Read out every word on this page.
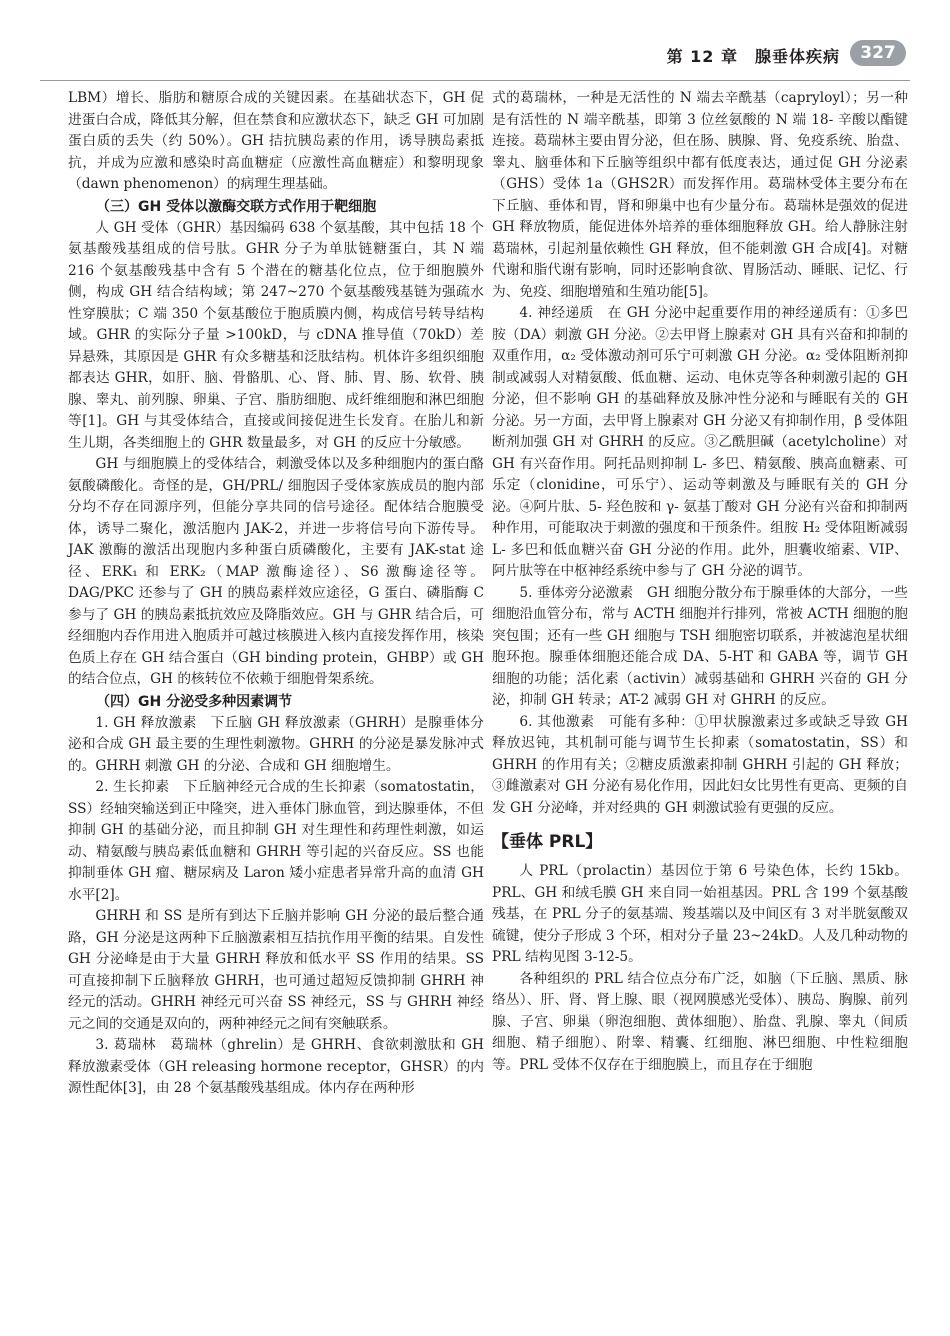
第 12 章　腺垂体疾病	327

LBM）增长、脂肪和糖原合成的关键因素。在基础状态下，GH 促进蛋白合成，降低其分解，但在禁食和应激状态下，缺乏 GH 可加剧蛋白质的丢失（约 50%）。GH 拮抗胰岛素的作用，诱导胰岛素抵抗，并成为应激和感染时高血糖症（应激性高血糖症）和黎明现象（dawn phenomenon）的病理生理基础。

（三）GH 受体以激酶交联方式作用于靶细胞

人 GH 受体（GHR）基因编码 638 个氨基酸，其中包括 18 个氨基酸残基组成的信号肽。GHR 分子为单肽链糖蛋白，其 N 端 216 个氨基酸残基中含有 5 个潜在的糖基化位点，位于细胞膜外侧，构成 GH 结合结构域；第 247~270 个氨基酸残基链为强疏水性穿膜肽；C 端 350 个氨基酸位于胞质膜内侧，构成信号转导结构域。GHR 的实际分子量 >100kD，与 cDNA 推导值（70kD）差异悬殊，其原因是 GHR 有众多糖基和泛肽结构。机体许多组织细胞都表达 GHR，如肝、脑、骨骼肌、心、肾、肺、胃、肠、软骨、胰腺、睾丸、前列腺、卵巢、子宫、脂肪细胞、成纤维细胞和淋巴细胞等[1]。GH 与其受体结合，直接或间接促进生长发育。在胎儿和新生儿期，各类细胞上的 GHR 数量最多，对 GH 的反应十分敏感。

GH 与细胞膜上的受体结合，刺激受体以及多种细胞内的蛋白酪氨酸磷酸化。奇怪的是，GH/PRL/ 细胞因子受体家族成员的胞内部分均不存在同源序列，但能分享共同的信号途径。配体结合胞膜受体，诱导二聚化，激活胞内 JAK-2，并进一步将信号向下游传导。JAK 激酶的激活出现胞内多种蛋白质磷酸化，主要有 JAK-stat 途径、ERK₁ 和 ERK₂（MAP 激酶途径）、S6 激酶途径等。DAG/PKC 还参与了 GH 的胰岛素样效应途径，G 蛋白、磷脂酶 C 参与了 GH 的胰岛素抵抗效应及降脂效应。GH 与 GHR 结合后，可经细胞内吞作用进入胞质并可越过核膜进入核内直接发挥作用，核染色质上存在 GH 结合蛋白（GH binding protein，GHBP）或 GH 的结合位点，GH 的核转位不依赖于细胞骨架系统。

（四）GH 分泌受多种因素调节

1. GH 释放激素　下丘脑 GH 释放激素（GHRH）是腺垂体分泌和合成 GH 最主要的生理性刺激物。GHRH 的分泌是暴发脉冲式的。GHRH 刺激 GH 的分泌、合成和 GH 细胞增生。

2. 生长抑素　下丘脑神经元合成的生长抑素（somatostatin，SS）经轴突输送到正中隆突，进入垂体门脉血管，到达腺垂体，不但抑制 GH 的基础分泌，而且抑制 GH 对生理性和药理性刺激，如运动、精氨酸与胰岛素低血糖和 GHRH 等引起的兴奋反应。SS 也能抑制垂体 GH 瘤、糖尿病及 Laron 矮小症患者异常升高的血清 GH 水平[2]。

GHRH 和 SS 是所有到达下丘脑并影响 GH 分泌的最后整合通路，GH 分泌是这两种下丘脑激素相互拮抗作用平衡的结果。自发性 GH 分泌峰是由于大量 GHRH 释放和低水平 SS 作用的结果。SS 可直接抑制下丘脑释放 GHRH，也可通过超短反馈抑制 GHRH 神经元的活动。GHRH 神经元可兴奋 SS 神经元，SS 与 GHRH 神经元之间的交通是双向的，两种神经元之间有突触联系。

3. 葛瑞林　葛瑞林（ghrelin）是 GHRH、食欲刺激肽和 GH 释放激素受体（GH releasing hormone receptor，GHSR）的内源性配体[3]，由 28 个氨基酸残基组成。体内存在两种形

式的葛瑞林，一种是无活性的 N 端去辛酰基（capryloyl）；另一种是有活性的 N 端辛酰基，即第 3 位丝氨酸的 N 端 18- 辛酸以酯键连接。葛瑞林主要由胃分泌，但在肠、胰腺、肾、免疫系统、胎盘、睾丸、脑垂体和下丘脑等组织中都有低度表达，通过促 GH 分泌素（GHS）受体 1a（GHS2R）而发挥作用。葛瑞林受体主要分布在下丘脑、垂体和胃，肾和卵巢中也有少量分布。葛瑞林是强效的促进 GH 释放物质，能促进体外培养的垂体细胞释放 GH。给人静脉注射葛瑞林，引起剂量依赖性 GH 释放，但不能刺激 GH 合成[4]。对糖代谢和脂代谢有影响，同时还影响食欲、胃肠活动、睡眠、记忆、行为、免疫、细胞增殖和生殖功能[5]。

4. 神经递质　在 GH 分泌中起重要作用的神经递质有：①多巴胺（DA）刺激 GH 分泌。②去甲肾上腺素对 GH 具有兴奋和抑制的双重作用，α₂ 受体激动剂可乐宁可刺激 GH 分泌。α₂ 受体阻断剂抑制或减弱人对精氨酸、低血糖、运动、电休克等各种刺激引起的 GH 分泌，但不影响 GH 的基础释放及脉冲性分泌和与睡眠有关的 GH 分泌。另一方面，去甲肾上腺素对 GH 分泌又有抑制作用，β 受体阻断剂加强 GH 对 GHRH 的反应。③乙酰胆碱（acetylcholine）对 GH 有兴奋作用。阿托品则抑制 L- 多巴、精氨酸、胰高血糖素、可乐定（clonidine，可乐宁）、运动等刺激及与睡眠有关的 GH 分泌。④阿片肽、5- 羟色胺和 γ- 氨基丁酸对 GH 分泌有兴奋和抑制两种作用，可能取决于刺激的强度和干预条件。组胺 H₂ 受体阻断减弱 L- 多巴和低血糖兴奋 GH 分泌的作用。此外，胆囊收缩素、VIP、阿片肽等在中枢神经系统中参与了 GH 分泌的调节。

5. 垂体旁分泌激素　GH 细胞分散分布于腺垂体的大部分，一些细胞沿血管分布，常与 ACTH 细胞并行排列，常被 ACTH 细胞的胞突包围；还有一些 GH 细胞与 TSH 细胞密切联系，并被滤泡星状细胞环抱。腺垂体细胞还能合成 DA、5-HT 和 GABA 等，调节 GH 细胞的功能；活化素（activin）减弱基础和 GHRH 兴奋的 GH 分泌，抑制 GH 转录；AT-2 减弱 GH 对 GHRH 的反应。

6. 其他激素　可能有多种：①甲状腺激素过多或缺乏导致 GH 释放迟钝，其机制可能与调节生长抑素（somatostatin，SS）和 GHRH 的作用有关；②糖皮质激素抑制 GHRH 引起的 GH 释放；③雌激素对 GH 分泌有易化作用，因此妇女比男性有更高、更频的自发 GH 分泌峰，并对经典的 GH 刺激试验有更强的反应。

【垂体 PRL】

人 PRL（prolactin）基因位于第 6 号染色体，长约 15kb。PRL、GH 和绒毛膜 GH 来自同一始祖基因。PRL 含 199 个氨基酸残基，在 PRL 分子的氨基端、羧基端以及中间区有 3 对半胱氨酸双硫键，使分子形成 3 个环，相对分子量 23~24kD。人及几种动物的 PRL 结构见图 3-12-5。

各种组织的 PRL 结合位点分布广泛，如脑（下丘脑、黑质、脉络丛）、肝、肾、肾上腺、眼（视网膜感光受体）、胰岛、胸腺、前列腺、子宫、卵巢（卵泡细胞、黄体细胞）、胎盘、乳腺、睾丸（间质细胞、精子细胞）、附睾、精囊、红细胞、淋巴细胞、中性粒细胞等。PRL 受体不仅存在于细胞膜上，而且存在于细胞
